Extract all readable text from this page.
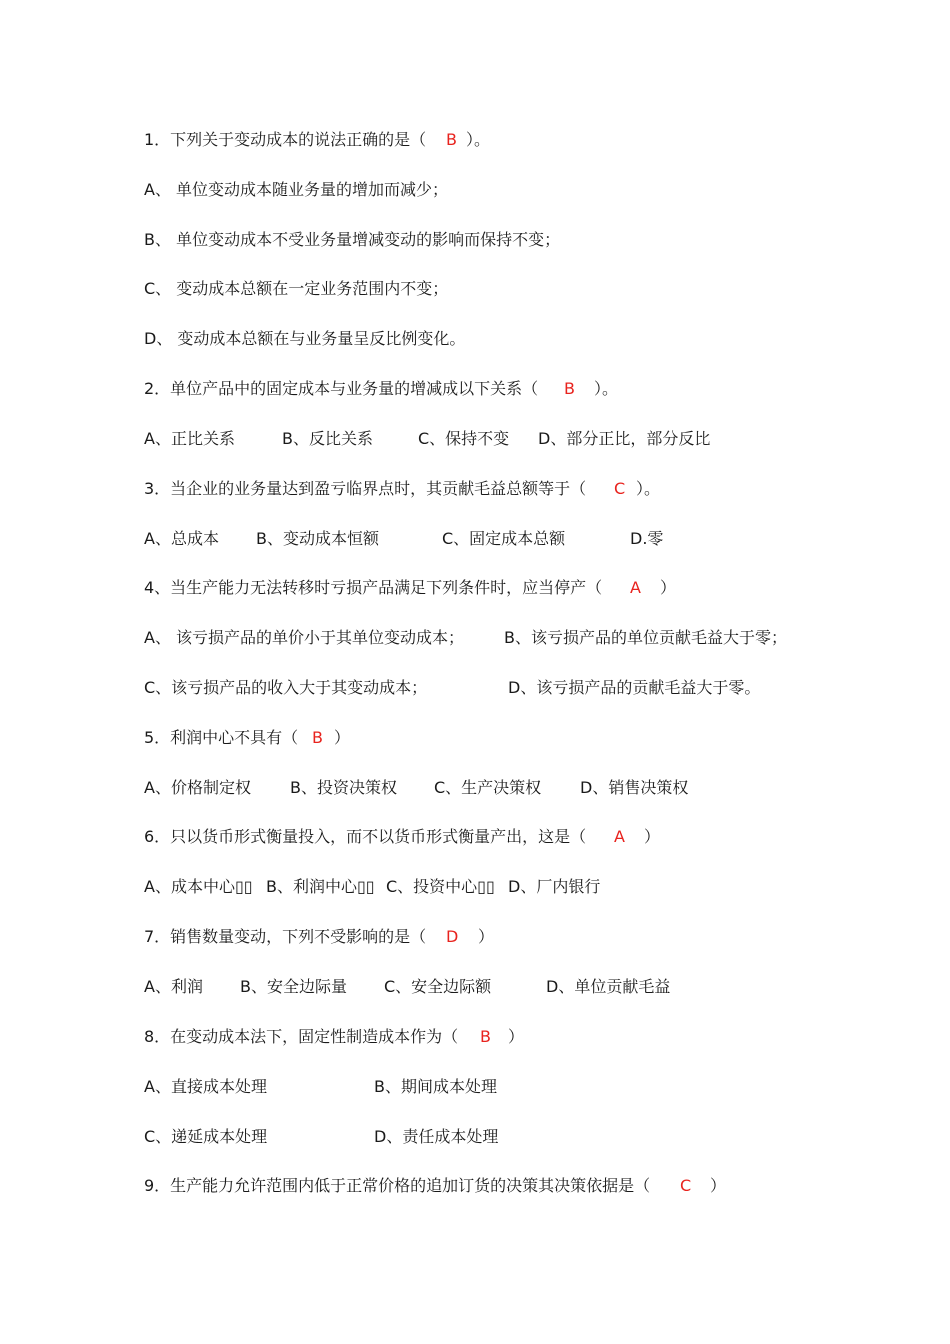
1．下列关于变动成本的说法正确的是（ B ）。
A、 单位变动成本随业务量的增加而减少；
B、 单位变动成本不受业务量增减变动的影响而保持不变；
C、 变动成本总额在一定业务范围内不变；
D、 变动成本总额在与业务量呈反比例变化。
2．单位产品中的固定成本与业务量的增减成以下关系（ B ）。
A、正比关系	B、反比关系	C、保持不变 D、部分正比，部分反比
3．当企业的业务量达到盈亏临界点时，其贡献毛益总额等于（ C ）。
A、总成本 B、变动成本恒额	C、固定成本总额	D.零
4、当生产能力无法转移时亏损产品满足下列条件时，应当停产（ A ）
A、 该亏损产品的单价小于其单位变动成本； B、该亏损产品的单位贡献毛益大于零；
C、该亏损产品的收入大于其变动成本；	D、该亏损产品的贡献毛益大于零。
5．利润中心不具有（ B ）
A、价格制定权 B、投资决策权 C、生产决策权 D、销售决策权
6．只以货币形式衡量投入，而不以货币形式衡量产出，这是（ A ）
A、成本中心▯▯ B、利润中心▯▯ C、投资中心▯▯ D、厂内银行
7．销售数量变动，下列不受影响的是（ D ）
A、利润 B、安全边际量 C、安全边际额	D、单位贡献毛益
8．在变动成本法下，固定性制造成本作为（ B ）
A、直接成本处理	B、期间成本处理
C、递延成本处理	D、责任成本处理
9．生产能力允许范围内低于正常价格的追加订货的决策其决策依据是（ C ）
